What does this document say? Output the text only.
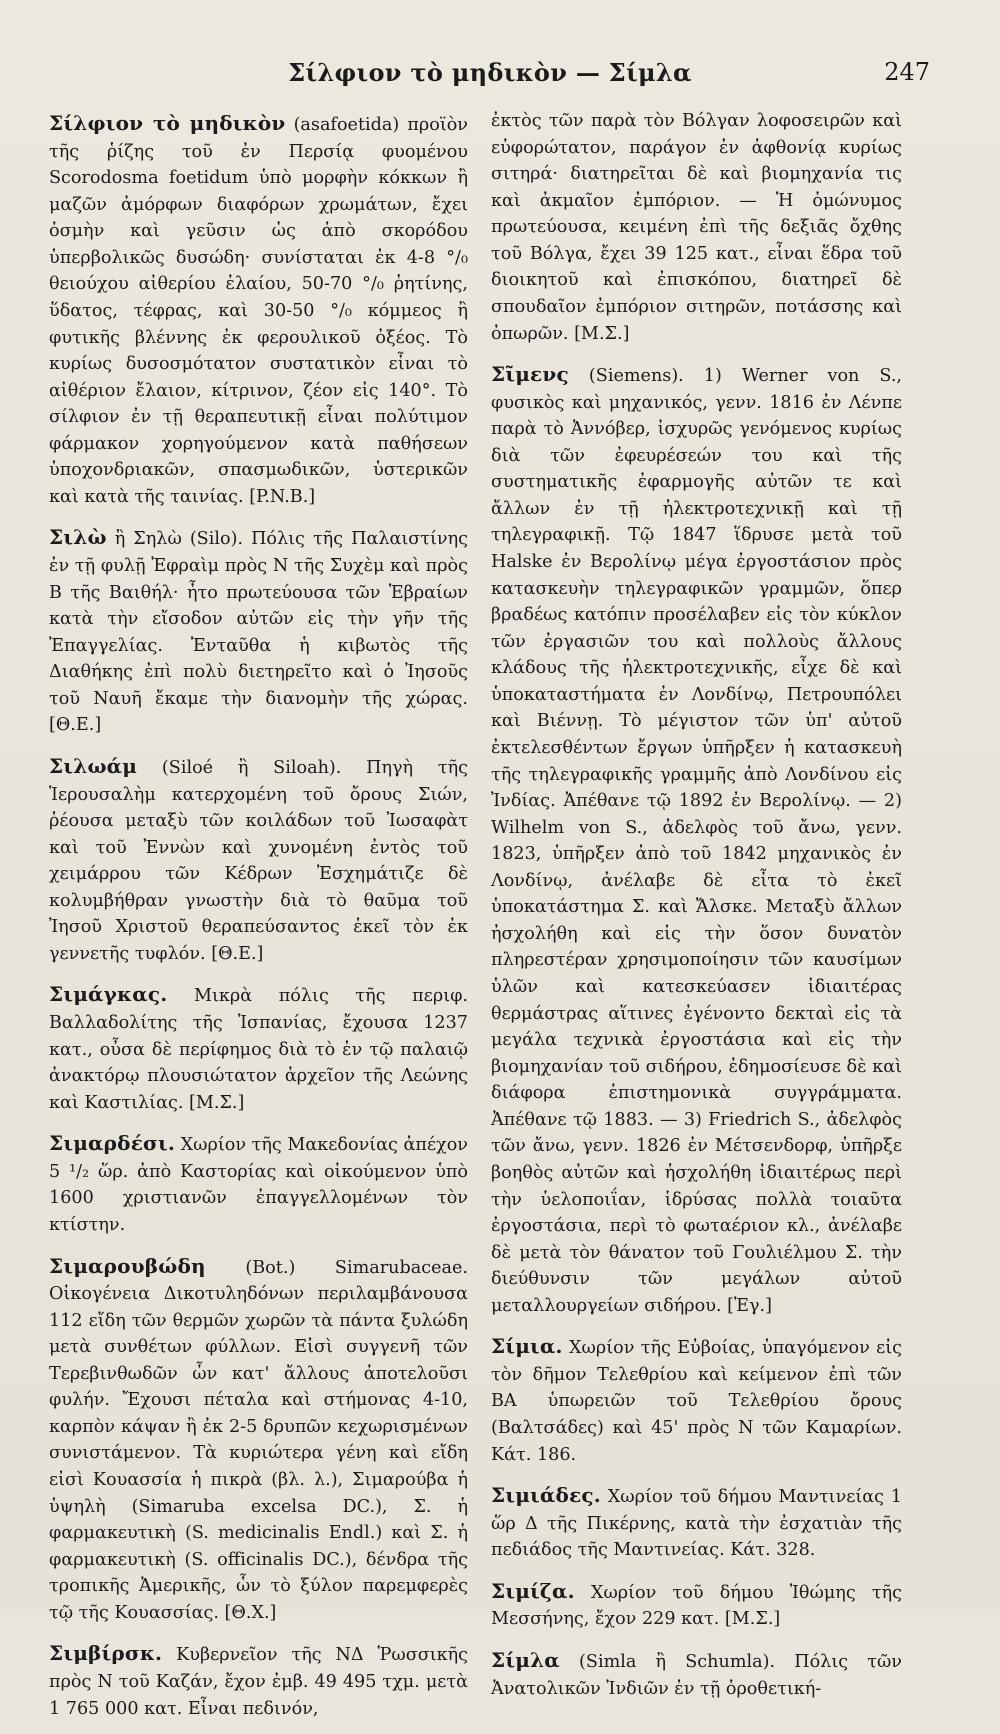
Σίλφιον τὸ μηδικὸν — Σίμλα	247

Σίλφιον τὸ μηδικὸν (asafoetida) προϊὸν τῆς ῥίζης τοῦ ἐν Περσίᾳ φυομένου Scorodosma foetidum ὑπὸ μορφὴν κόκκων ἢ μαζῶν ἀμόρφων διαφόρων χρωμάτων, ἔχει ὀσμὴν καὶ γεῦσιν ὡς ἀπὸ σκορόδου ὑπερβολικῶς δυσώδη· συνίσταται ἐκ 4-8 °/₀ θειούχου αἰθερίου ἐλαίου, 50-70 °/₀ ῥητίνης, ὕδατος, τέφρας, καὶ 30-50 °/₀ κόμμεος ἢ φυτικῆς βλέννης ἐκ φερουλικοῦ ὀξέος. Τὸ κυρίως δυσοσμότατον συστατικὸν εἶναι τὸ αἰθέριον ἔλαιον, κίτρινον, ζέον εἰς 140°. Τὸ σίλφιον ἐν τῇ θεραπευτικῇ εἶναι πολύτιμον φάρμακον χορηγούμενον κατὰ παθήσεων ὑποχονδριακῶν, σπασμωδικῶν, ὑστερικῶν καὶ κατὰ τῆς ταινίας. [P.N.B.]

Σιλὼ ἢ Σηλὼ (Silo). Πόλις τῆς Παλαιστίνης ἐν τῇ φυλῇ Ἐφραὶμ πρὸς Ν τῆς Συχὲμ καὶ πρὸς Β τῆς Βαιθήλ· ἦτο πρωτεύουσα τῶν Ἑβραίων κατὰ τὴν εἴσοδον αὐτῶν εἰς τὴν γῆν τῆς Ἐπαγγελίας. Ἐνταῦθα ἡ κιβωτὸς τῆς Διαθήκης ἐπὶ πολὺ διετηρεῖτο καὶ ὁ Ἰησοῦς τοῦ Ναυῆ ἔκαμε τὴν διανομὴν τῆς χώρας. [Θ.Ε.]

Σιλωάμ (Siloé ἢ Siloah). Πηγὴ τῆς Ἱερουσαλὴμ κατερχομένη τοῦ ὄρους Σιών, ῥέουσα μεταξὺ τῶν κοιλάδων τοῦ Ἰωσαφὰτ καὶ τοῦ Ἐννὼν καὶ χυνομένη ἐντὸς τοῦ χειμάρρου τῶν Κέδρων Ἐσχημάτιζε δὲ κολυμβήθραν γνωστὴν διὰ τὸ θαῦμα τοῦ Ἰησοῦ Χριστοῦ θεραπεύσαντος ἐκεῖ τὸν ἐκ γεννετῆς τυφλόν. [Θ.Ε.]

Σιμάγκας. Μικρὰ πόλις τῆς περιφ. Βαλλαδολίτης τῆς Ἱσπανίας, ἔχουσα 1237 κατ., οὖσα δὲ περίφημος διὰ τὸ ἐν τῷ παλαιῷ ἀνακτόρῳ πλουσιώτατον ἀρχεῖον τῆς Λεώνης καὶ Καστιλίας. [Μ.Σ.]

Σιμαρδέσι. Χωρίον τῆς Μακεδονίας ἀπέχον 5 ¹/₂ ὥρ. ἀπὸ Καστορίας καὶ οἰκούμενον ὑπὸ 1600 χριστιανῶν ἐπαγγελλομένων τὸν κτίστην.

Σιμαρουβώδη (Bot.) Simarubaceae. Οἰκογένεια Δικοτυληδόνων περιλαμβάνουσα 112 εἴδη τῶν θερμῶν χωρῶν τὰ πάντα ξυλώδη μετὰ συνθέτων φύλλων. Εἰσὶ συγγενῆ τῶν Τερεβινθωδῶν ὧν κατ' ἄλλους ἀποτελοῦσι φυλήν. Ἔχουσι πέταλα καὶ στήμονας 4-10, καρπὸν κάψαν ἢ ἐκ 2-5 δρυπῶν κεχωρισμένων συνιστάμενον. Τὰ κυριώτερα γένη καὶ εἴδη εἰσὶ Κουασσία ἡ πικρὰ (βλ. λ.), Σιμαρούβα ἡ ὑψηλὴ (Simaruba excelsa DC.), Σ. ἡ φαρμακευτικὴ (S. medicinalis Endl.) καὶ Σ. ἡ φαρμακευτικὴ (S. officinalis DC.), δένδρα τῆς τροπικῆς Ἀμερικῆς, ὧν τὸ ξύλον παρεμφερὲς τῷ τῆς Κουασσίας. [Θ.Χ.]

Σιμβίρσκ. Κυβερνεῖον τῆς ΝΔ Ῥωσσικῆς πρὸς Ν τοῦ Καζάν, ἔχον ἐμβ. 49 495 τχμ. μετὰ 1 765 000 κατ. Εἶναι πεδινόν,

ἐκτὸς τῶν παρὰ τὸν Βόλγαν λοφοσειρῶν καὶ εὐφορώτατον, παράγον ἐν ἀφθονίᾳ κυρίως σιτηρά· διατηρεῖται δὲ καὶ βιομηχανία τις καὶ ἀκμαῖον ἐμπόριον. — Ἡ ὁμώνυμος πρωτεύουσα, κειμένη ἐπὶ τῆς δεξιᾶς ὄχθης τοῦ Βόλγα, ἔχει 39 125 κατ., εἶναι ἕδρα τοῦ διοικητοῦ καὶ ἐπισκόπου, διατηρεῖ δὲ σπουδαῖον ἐμπόριον σιτηρῶν, ποτάσσης καὶ ὀπωρῶν. [Μ.Σ.]

Σῖμενς (Siemens). 1) Werner von S., φυσικὸς καὶ μηχανικός, γενν. 1816 ἐν Λένπε παρὰ τὸ Ἀννόβερ, ἰσχυρῶς γενόμενος κυρίως διὰ τῶν ἐφευρέσεών του καὶ τῆς συστηματικῆς ἐφαρμογῆς αὐτῶν τε καὶ ἄλλων ἐν τῇ ἠλεκτροτεχνικῇ καὶ τῇ τηλεγραφικῇ. Τῷ 1847 ἵδρυσε μετὰ τοῦ Halske ἐν Βερολίνῳ μέγα ἐργοστάσιον πρὸς κατασκευὴν τηλεγραφικῶν γραμμῶν, ὅπερ βραδέως κατόπιν προσέλαβεν εἰς τὸν κύκλον τῶν ἐργασιῶν του καὶ πολλοὺς ἄλλους κλάδους τῆς ἠλεκτροτεχνικῆς, εἶχε δὲ καὶ ὑποκαταστήματα ἐν Λονδίνῳ, Πετρουπόλει καὶ Βιέννῃ. Τὸ μέγιστον τῶν ὑπ' αὐτοῦ ἐκτελεσθέντων ἔργων ὑπῆρξεν ἡ κατασκευὴ τῆς τηλεγραφικῆς γραμμῆς ἀπὸ Λονδίνου εἰς Ἰνδίας. Ἀπέθανε τῷ 1892 ἐν Βερολίνῳ. — 2) Wilhelm von S., ἀδελφὸς τοῦ ἄνω, γενν. 1823, ὑπῆρξεν ἀπὸ τοῦ 1842 μηχανικὸς ἐν Λονδίνῳ, ἀνέλαβε δὲ εἶτα τὸ ἐκεῖ ὑποκατάστημα Σ. καὶ Ἄλσκε. Μεταξὺ ἄλλων ἠσχολήθη καὶ εἰς τὴν ὅσον δυνατὸν πληρεστέραν χρησιμοποίησιν τῶν καυσίμων ὑλῶν καὶ κατεσκεύασεν ἰδιαιτέρας θερμάστρας αἵτινες ἐγένοντο δεκταὶ εἰς τὰ μεγάλα τεχνικὰ ἐργοστάσια καὶ εἰς τὴν βιομηχανίαν τοῦ σιδήρου, ἐδημοσίευσε δὲ καὶ διάφορα ἐπιστημονικὰ συγγράμματα. Ἀπέθανε τῷ 1883. — 3) Friedrich S., ἀδελφὸς τῶν ἄνω, γενν. 1826 ἐν Μέτσενδορφ, ὑπῆρξε βοηθὸς αὐτῶν καὶ ἠσχολήθη ἰδιαιτέρως περὶ τὴν ὑελοποιΐαν, ἱδρύσας πολλὰ τοιαῦτα ἐργοστάσια, περὶ τὸ φωταέριον κλ., ἀνέλαβε δὲ μετὰ τὸν θάνατον τοῦ Γουλιέλμου Σ. τὴν διεύθυνσιν τῶν μεγάλων αὐτοῦ μεταλλουργείων σιδήρου. [Ἐγ.]

Σίμια. Χωρίον τῆς Εὐβοίας, ὑπαγόμενον εἰς τὸν δῆμον Τελεθρίου καὶ κείμενον ἐπὶ τῶν ΒΑ ὑπωρειῶν τοῦ Τελεθρίου ὄρους (Βαλτσάδες) καὶ 45' πρὸς Ν τῶν Καμαρίων. Κάτ. 186.

Σιμιάδες. Χωρίον τοῦ δήμου Μαντινείας 1 ὥρ Δ τῆς Πικέρνης, κατὰ τὴν ἐσχατιὰν τῆς πεδιάδος τῆς Μαντινείας. Κάτ. 328.

Σιμίζα. Χωρίον τοῦ δήμου Ἰθώμης τῆς Μεσσήνης, ἔχον 229 κατ. [Μ.Σ.]

Σίμλα (Simla ἢ Schumla). Πόλις τῶν Ἀνατολικῶν Ἰνδιῶν ἐν τῇ ὀροθετική-
